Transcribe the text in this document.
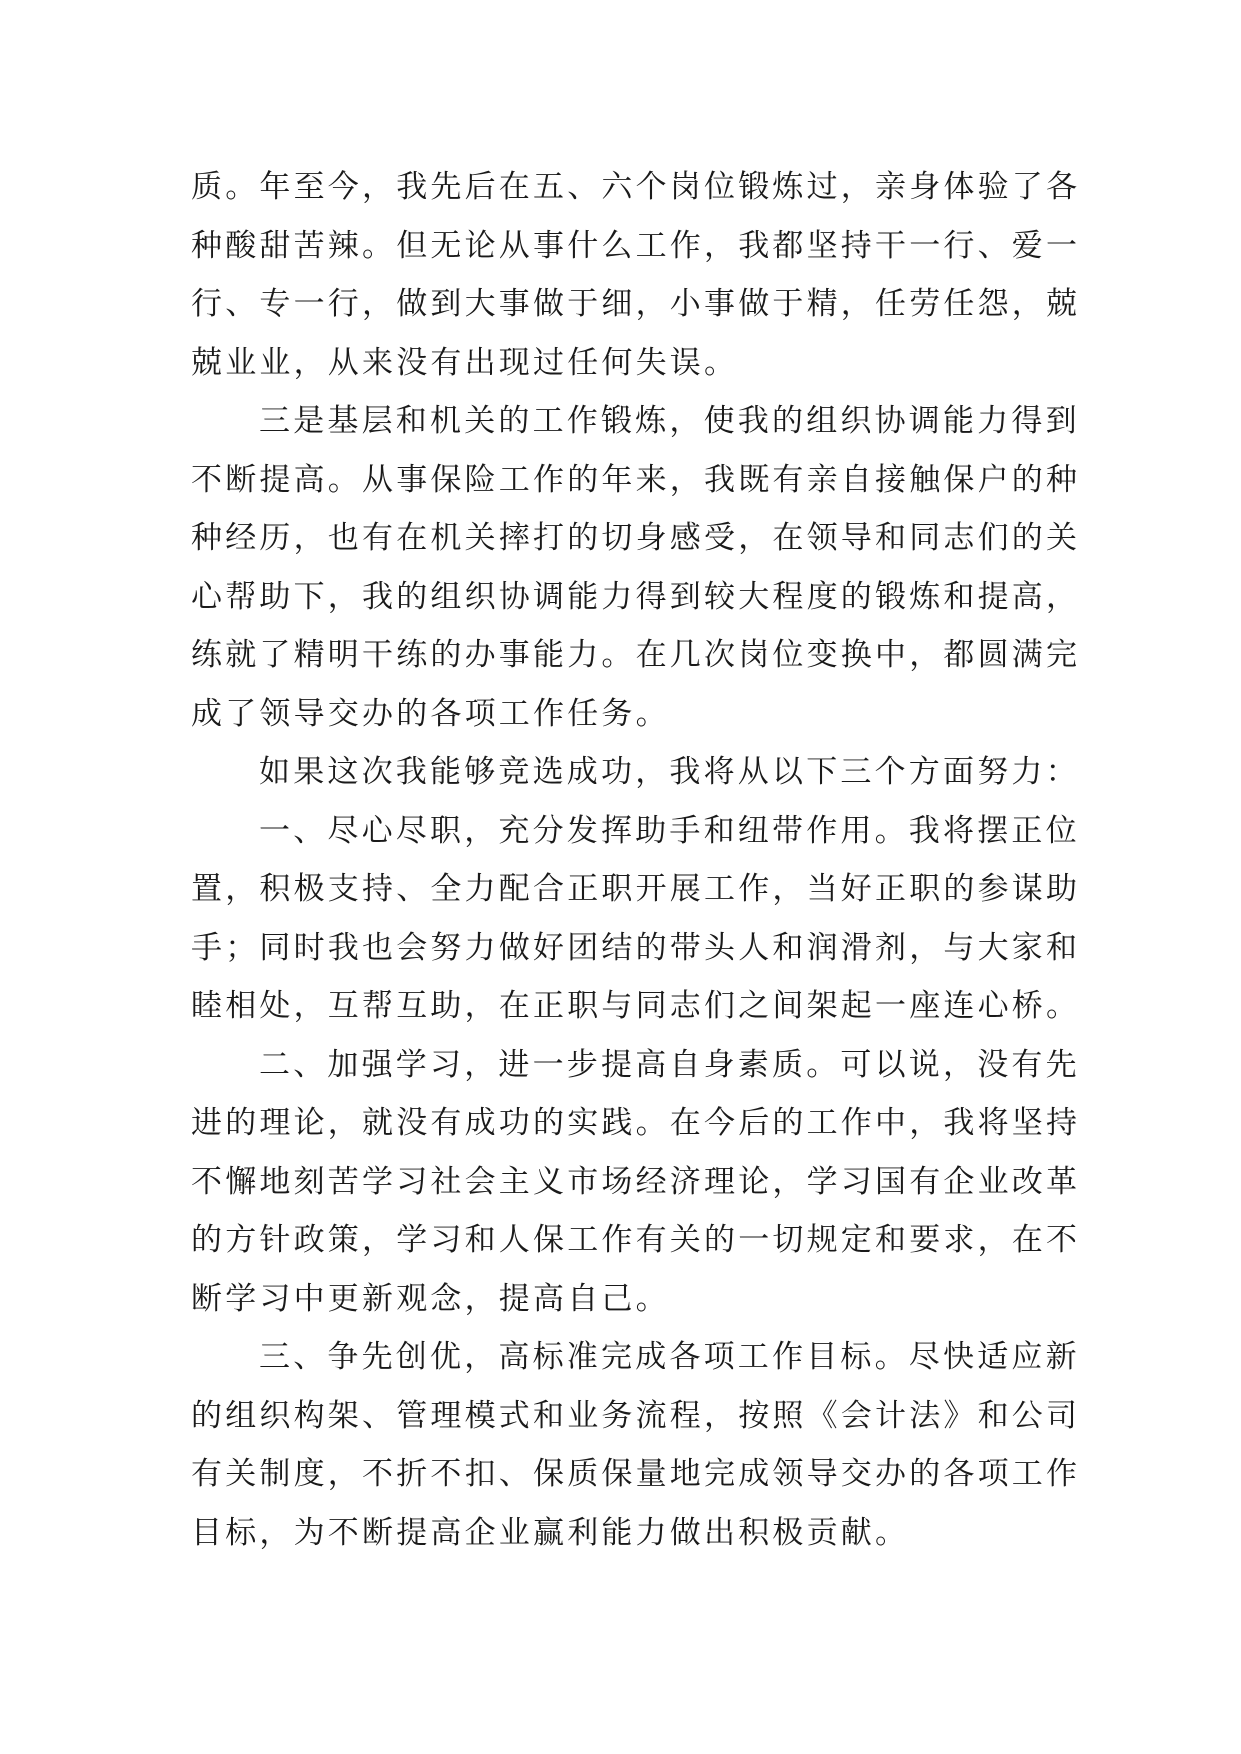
质。年至今，我先后在五、六个岗位锻炼过，亲身体验了各
种酸甜苦辣。但无论从事什么工作，我都坚持干一行、爱一
行、专一行，做到大事做于细，小事做于精，任劳任怨，兢
兢业业，从来没有出现过任何失误。
三是基层和机关的工作锻炼，使我的组织协调能力得到
不断提高。从事保险工作的年来，我既有亲自接触保户的种
种经历，也有在机关摔打的切身感受，在领导和同志们的关
心帮助下，我的组织协调能力得到较大程度的锻炼和提高，
练就了精明干练的办事能力。在几次岗位变换中，都圆满完
成了领导交办的各项工作任务。
如果这次我能够竞选成功，我将从以下三个方面努力：
一、尽心尽职，充分发挥助手和纽带作用。我将摆正位
置，积极支持、全力配合正职开展工作，当好正职的参谋助
手；同时我也会努力做好团结的带头人和润滑剂，与大家和
睦相处，互帮互助，在正职与同志们之间架起一座连心桥。
二、加强学习，进一步提高自身素质。可以说，没有先
进的理论，就没有成功的实践。在今后的工作中，我将坚持
不懈地刻苦学习社会主义市场经济理论，学习国有企业改革
的方针政策，学习和人保工作有关的一切规定和要求，在不
断学习中更新观念，提高自己。
三、争先创优，高标准完成各项工作目标。尽快适应新
的组织构架、管理模式和业务流程，按照《会计法》和公司
有关制度，不折不扣、保质保量地完成领导交办的各项工作
目标，为不断提高企业赢利能力做出积极贡献。
